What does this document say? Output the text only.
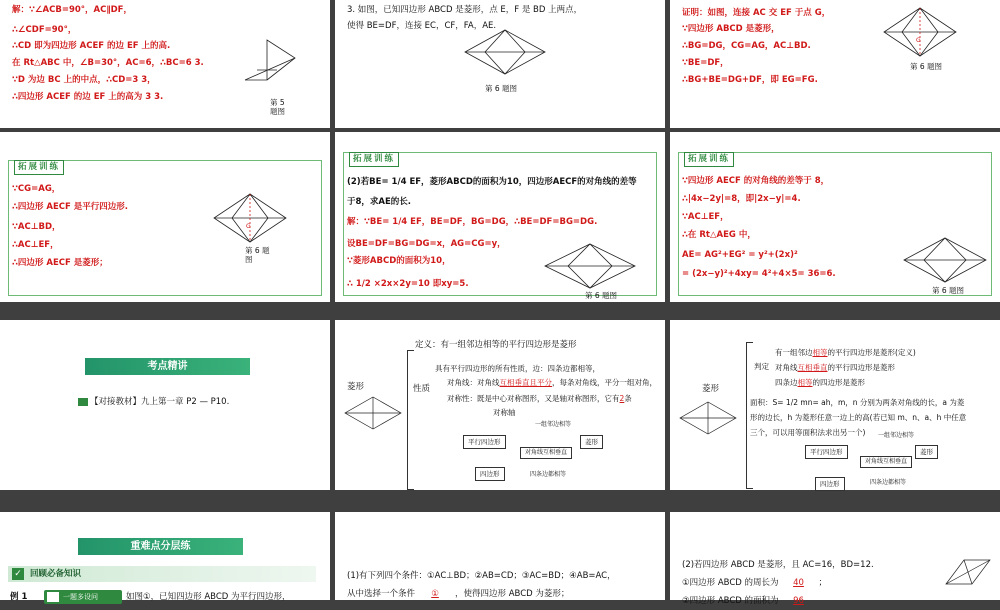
解：∵∠ACB=90°，AC∥DF，
∴∠CDF=90°，
∴CD 即为四边形 ACEF 的边 EF 上的高.
在 Rt△ABC 中，∠B=30°，AC=6，∴BC=6 3.
∵D 为边 BC 上的中点，∴CD=3 3，
∴四边形 ACEF 的边 EF 上的高为 3 3.
第 5 题图
3. 如图，已知四边形 ABCD 是菱形，点 E，F 是 BD 上两点，
使得 BE=DF，连接 EC，CF，FA，AE.
第 6 题图
证明：如图，连接 AC 交 EF 于点 G，
∵四边形 ABCD 是菱形，
∴BG=DG，CG=AG，AC⊥BD.
∵BE=DF，
∴BG+BE=DG+DF，即 EG=FG.
G
第 6 题图
拓展训练
∵CG=AG，
∴四边形 AECF 是平行四边形.
∵AC⊥BD，
∴AC⊥EF，
∴四边形 AECF 是菱形；
G
第 6 题图
拓展训练
(2)若BE= 1/4 EF，菱形ABCD的面积为10，四边形AECF的对角线的差等
于8，求AE的长.
解：∵BE= 1/4 EF，BE=DF，BG=DG，∴BE=DF=BG=DG.
设BE=DF=BG=DG=x，AG=CG=y，
∵菱形ABCD的面积为10，
∴ 1/2 ×2x×2y=10 即xy=5.
第 6 题图
拓展训练
∵四边形 AECF 的对角线的差等于 8，
∴|4x−2y|=8，即|2x−y|=4.
∵AC⊥EF，
∴在 Rt△AEG 中，
AE= AG²+EG² = y²+(2x)²
= (2x−y)²+4xy= 4²+4×5= 36=6.
第 6 题图
考点精讲
【对接教材】九上第一章 P2 — P10.
菱形
定义：有一组邻边相等的平行四边形是菱形
性质
具有平行四边形的所有性质，边：四条边都相等，
对角线：对角线互相垂直且平分，每条对角线，平分一组对角，
对称性：既是中心对称图形，又是轴对称图形，它有2条
对称轴
平行四边形	菱形
四边形
一组邻边相等
对角线互相垂直
四条边都相等
菱形
判定
有一组邻边相等的平行四边形是菱形(定义)
对角线互相垂直的平行四边形是菱形
四条边相等的四边形是菱形
面积：S= 1/2 mn= ah，m，n 分别为两条对角线的长，a 为菱
形的边长，h 为菱形任意一边上的高(若已知 m、n、a、h 中任意
三个，可以用等面积法求出另一个)
平行四边形	菱形
四边形
一组邻边相等
对角线互相垂直
四条边都相等
重难点分层练
✓ 回顾必备知识
例 1	一题多设问	如图①，已知四边形 ABCD 为平行四边形，
(1)有下列四个条件：①AC⊥BD；②AB=CD；③AC=BD；④AB=AC，
从中选择一个条件 ① ，使得四边形 ABCD 为菱形；
(2)若四边形 ABCD 是菱形，且 AC=16，BD=12.
①四边形 ABCD 的周长为 40 ；
②四边形 ABCD 的面积为 96
